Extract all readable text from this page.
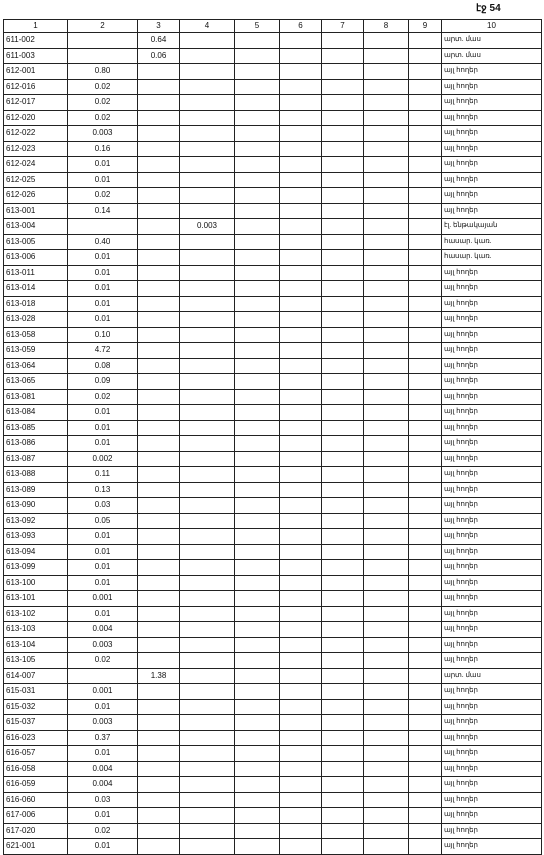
էջ 54
1	2	3	4	5	6	7	8	9	10
611-002		0.64							արտ. մաս
611-003		0.06							արտ. մաս
612-001	0.80								այլ հողեր
612-016	0.02								այլ հողեր
612-017	0.02								այլ հողեր
612-020	0.02								այլ հողեր
612-022	0.003								այլ հողեր
612-023	0.16								այլ հողեր
612-024	0.01								այլ հողեր
612-025	0.01								այլ հողեր
612-026	0.02								այլ հողեր
613-001	0.14								այլ հողեր
613-004			0.003						էլ. ենթակայան
613-005	0.40								հասար. կառ.
613-006	0.01								հասար. կառ.
613-011	0.01								այլ հողեր
613-014	0.01								այլ հողեր
613-018	0.01								այլ հողեր
613-028	0.01								այլ հողեր
613-058	0.10								այլ հողեր
613-059	4.72								այլ հողեր
613-064	0.08								այլ հողեր
613-065	0.09								այլ հողեր
613-081	0.02								այլ հողեր
613-084	0.01								այլ հողեր
613-085	0.01								այլ հողեր
613-086	0.01								այլ հողեր
613-087	0.002								այլ հողեր
613-088	0.11								այլ հողեր
613-089	0.13								այլ հողեր
613-090	0.03								այլ հողեր
613-092	0.05								այլ հողեր
613-093	0.01								այլ հողեր
613-094	0.01								այլ հողեր
613-099	0.01								այլ հողեր
613-100	0.01								այլ հողեր
613-101	0.001								այլ հողեր
613-102	0.01								այլ հողեր
613-103	0.004								այլ հողեր
613-104	0.003								այլ հողեր
613-105	0.02								այլ հողեր
614-007		1.38							արտ. մաս
615-031	0.001								այլ հողեր
615-032	0.01								այլ հողեր
615-037	0.003								այլ հողեր
616-023	0.37								այլ հողեր
616-057	0.01								այլ հողեր
616-058	0.004								այլ հողեր
616-059	0.004								այլ հողեր
616-060	0.03								այլ հողեր
617-006	0.01								այլ հողեր
617-020	0.02								այլ հողեր
621-001	0.01								այլ հողեր
